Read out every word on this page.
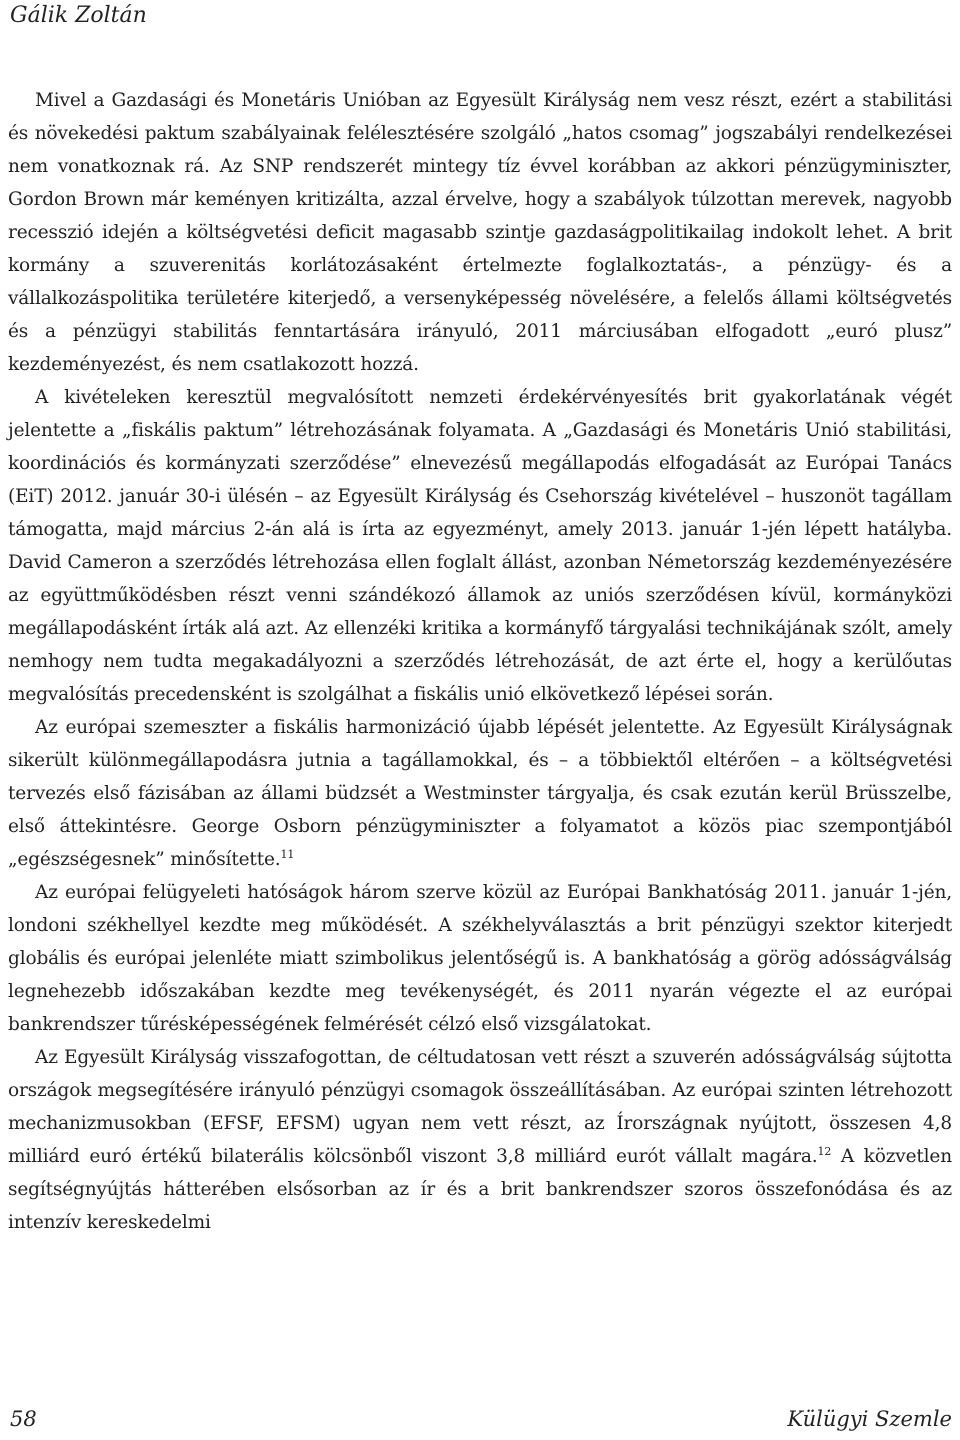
Gálik Zoltán

Mivel a Gazdasági és Monetáris Unióban az Egyesült Királyság nem vesz részt, ezért a stabilitási és növekedési paktum szabályainak felélesztésére szolgáló „hatos csomag” jogszabályi rendelkezései nem vonatkoznak rá. Az SNP rendszerét mintegy tíz évvel korábban az akkori pénzügyminiszter, Gordon Brown már keményen kritizálta, azzal érvelve, hogy a szabályok túlzottan merevek, nagyobb recesszió idején a költségvetési deficit magasabb szintje gazdaságpolitikailag indokolt lehet. A brit kormány a szuverenitás korlátozásaként értelmezte foglalkoztatás-, a pénzügy- és a vállalkozáspolitika területére kiterjedő, a versenyképesség növelésére, a felelős állami költségvetés és a pénzügyi stabilitás fenntartására irányuló, 2011 márciusában elfogadott „euró plusz” kezdeményezést, és nem csatlakozott hozzá.

A kivételeken keresztül megvalósított nemzeti érdekérvényesítés brit gyakorlatának végét jelentette a „fiskális paktum” létrehozásának folyamata. A „Gazdasági és Monetáris Unió stabilitási, koordinációs és kormányzati szerződése” elnevezésű megállapodás elfogadását az Európai Tanács (EiT) 2012. január 30-i ülésén – az Egyesült Királyság és Csehország kivételével – huszonöt tagállam támogatta, majd március 2-án alá is írta az egyezményt, amely 2013. január 1-jén lépett hatályba. David Cameron a szerződés létrehozása ellen foglalt állást, azonban Németország kezdeményezésére az együttműködésben részt venni szándékozó államok az uniós szerződésen kívül, kormányközi megállapodásként írták alá azt. Az ellenzéki kritika a kormányfő tárgyalási technikájának szólt, amely nemhogy nem tudta megakadályozni a szerződés létrehozását, de azt érte el, hogy a kerülőutas megvalósítás precedensként is szolgálhat a fiskális unió elkövetkező lépései során.

Az európai szemeszter a fiskális harmonizáció újabb lépését jelentette. Az Egyesült Királyságnak sikerült különmegállapodásra jutnia a tagállamokkal, és – a többiektől eltérően – a költségvetési tervezés első fázisában az állami büdzsét a Westminster tárgyalja, és csak ezután kerül Brüsszelbe, első áttekintésre. George Osborn pénzügyminiszter a folyamatot a közös piac szempontjából „egészségesnek” minősítette.$^{11}$

Az európai felügyeleti hatóságok három szerve közül az Európai Bankhatóság 2011. január 1-jén, londoni székhellyel kezdte meg működését. A székhelyválasztás a brit pénzügyi szektor kiterjedt globális és európai jelenléte miatt szimbolikus jelentőségű is. A bankhatóság a görög adósságválság legnehezebb időszakában kezdte meg tevékenységét, és 2011 nyarán végezte el az európai bankrendszer tűrésképességének felmérését célzó első vizsgálatokat.

Az Egyesült Királyság visszafogottan, de céltudatosan vett részt a szuverén adósságválság sújtotta országok megsegítésére irányuló pénzügyi csomagok összeállításában. Az európai szinten létrehozott mechanizmusokban (EFSF, EFSM) ugyan nem vett részt, az Írországnak nyújtott, összesen 4,8 milliárd euró értékű bilaterális kölcsönből viszont 3,8 milliárd eurót vállalt magára.$^{12}$ A közvetlen segítségnyújtás hátterében elsősorban az ír és a brit bankrendszer szoros összefonódása és az intenzív kereskedelmi

58	Külügyi Szemle
